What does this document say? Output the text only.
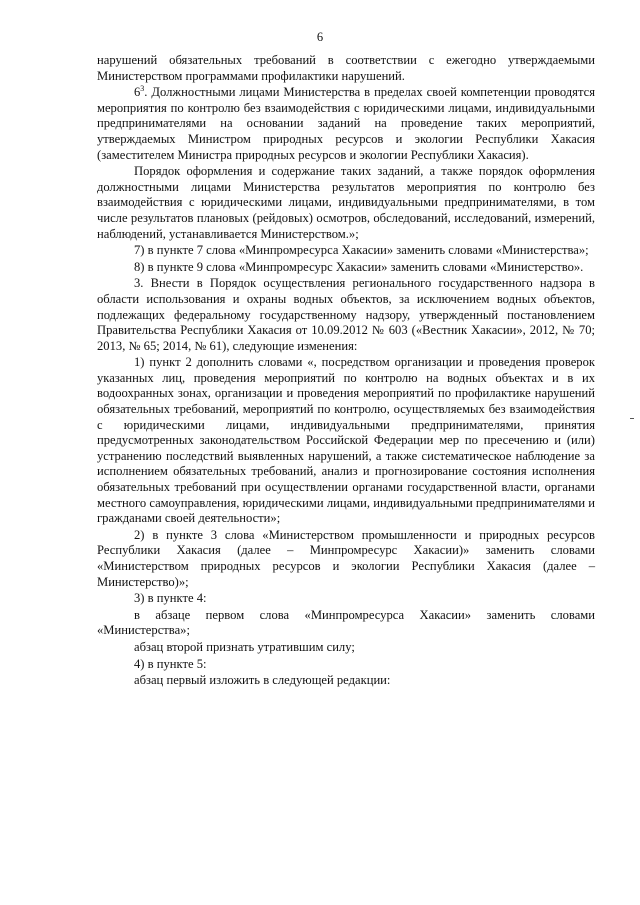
6

нарушений обязательных требований в соответствии с ежегодно утверждаемыми Министерством программами профилактики нарушений.

$6^3$. Должностными лицами Министерства в пределах своей компетенции проводятся мероприятия по контролю без взаимодействия с юридическими лицами, индивидуальными предпринимателями на основании заданий на проведение таких мероприятий, утверждаемых Министром природных ресурсов и экологии Республики Хакасия (заместителем Министра природных ресурсов и экологии Республики Хакасия).

Порядок оформления и содержание таких заданий, а также порядок оформления должностными лицами Министерства результатов мероприятия по контролю без взаимодействия с юридическими лицами, индивидуальными предпринимателями, в том числе результатов плановых (рейдовых) осмотров, обследований, исследований, измерений, наблюдений, устанавливается Министерством.»;

7) в пункте 7 слова «Минпромресурса Хакасии» заменить словами «Министерства»;

8) в пункте 9 слова «Минпромресурс Хакасии» заменить словами «Министерство».

3. Внести в Порядок осуществления регионального государственного надзора в области использования и охраны водных объектов, за исключением водных объектов, подлежащих федеральному государственному надзору, утвержденный постановлением Правительства Республики Хакасия от 10.09.2012 № 603 («Вестник Хакасии», 2012, № 70; 2013, № 65; 2014, № 61), следующие изменения:

1) пункт 2 дополнить словами «, посредством организации и проведения проверок указанных лиц, проведения мероприятий по контролю на водных объектах и в их водоохранных зонах, организации и проведения мероприятий по профилактике нарушений обязательных требований, мероприятий по контролю, осуществляемых без взаимодействия с юридическими лицами, индивидуальными предпринимателями, принятия предусмотренных законодательством Российской Федерации мер по пресечению и (или) устранению последствий выявленных нарушений, а также систематическое наблюдение за исполнением обязательных требований, анализ и прогнозирование состояния исполнения обязательных требований при осуществлении органами государственной власти, органами местного самоуправления, юридическими лицами, индивидуальными предпринимателями и гражданами своей деятельности»;

2) в пункте 3 слова «Министерством промышленности и природных ресурсов Республики Хакасия (далее – Минпромресурс Хакасии)» заменить словами «Министерством природных ресурсов и экологии Республики Хакасия (далее – Министерство)»;

3) в пункте 4:

в абзаце первом слова «Минпромресурса Хакасии» заменить словами «Министерства»;

абзац второй признать утратившим силу;

4) в пункте 5:

абзац первый изложить в следующей редакции:
